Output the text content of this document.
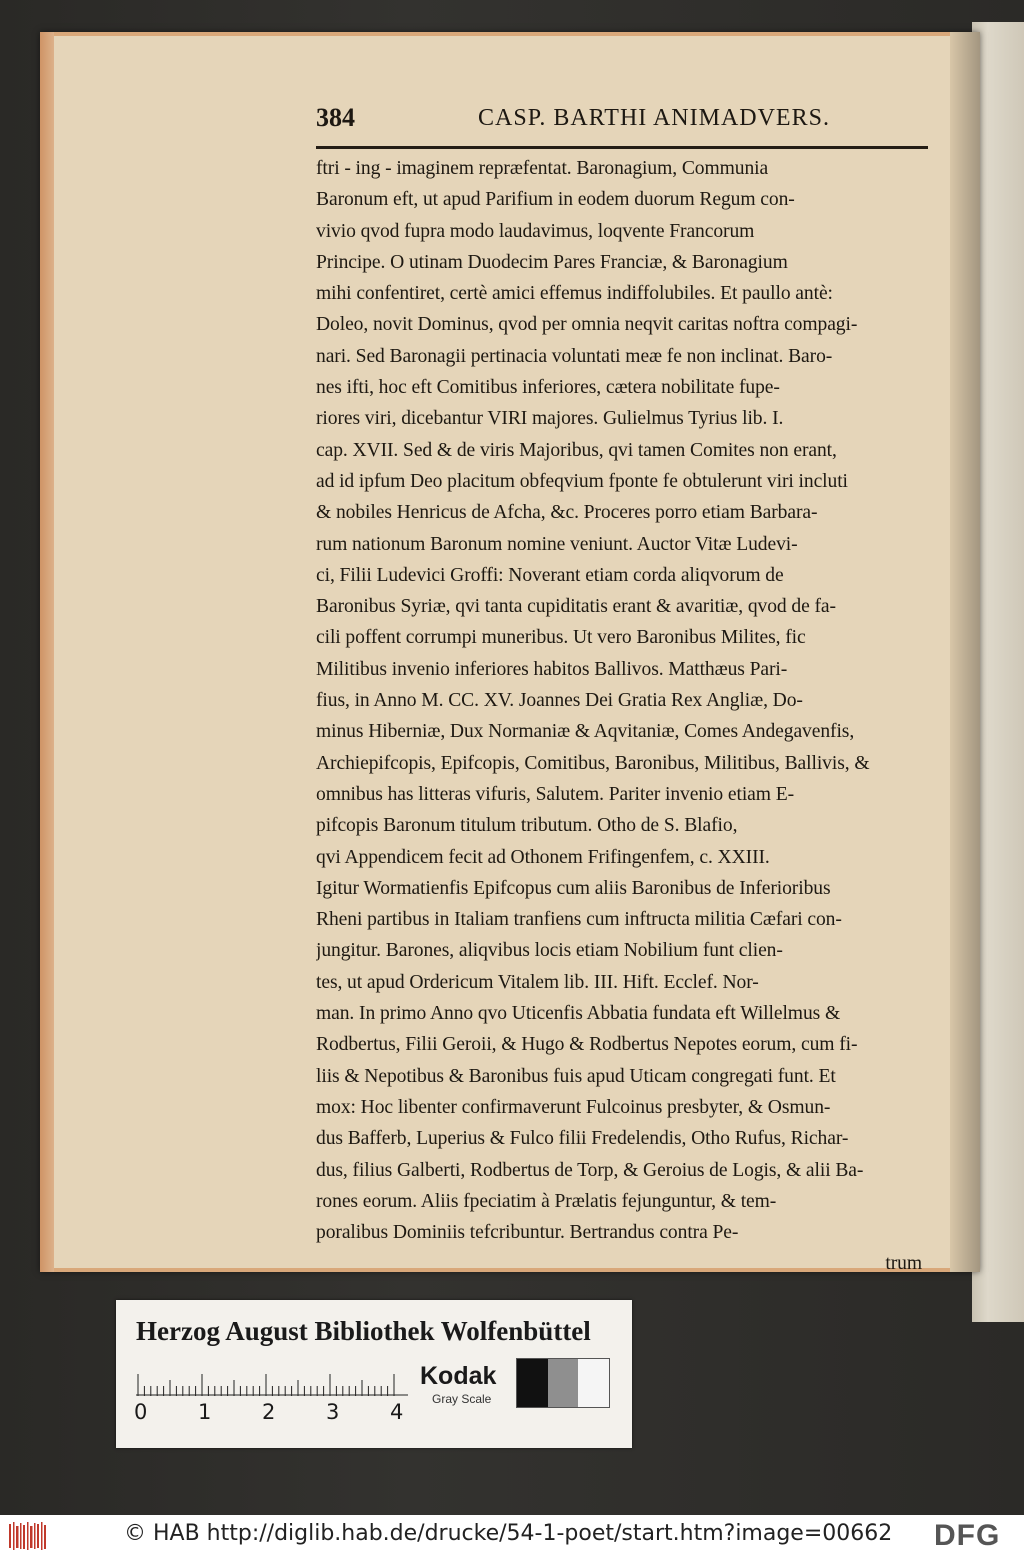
384	CASP. BARTHI ANIMADVERS.
ftri - ing - imaginem repræfentat. Baronagium, Communia
Baronum eft, ut apud Parifium in eodem duorum Regum con-
vivio qvod fupra modo laudavimus, loqvente Francorum
Principe. O utinam Duodecim Pares Franciæ, & Baronagium
mihi confentiret, certè amici effemus indiffolubiles. Et paullo antè:
Doleo, novit Dominus, qvod per omnia neqvit caritas noftra compagi-
nari. Sed Baronagii pertinacia voluntati meæ fe non inclinat. Baro-
nes ifti, hoc eft Comitibus inferiores, cætera nobilitate fupe-
riores viri, dicebantur VIRI majores. Gulielmus Tyrius lib. I.
cap. XVII. Sed & de viris Majoribus, qvi tamen Comites non erant,
ad id ipfum Deo placitum obfeqvium fponte fe obtulerunt viri incluti
& nobiles Henricus de Afcha, &c. Proceres porro etiam Barbara-
rum nationum Baronum nomine veniunt. Auctor Vitæ Ludevi-
ci, Filii Ludevici Groffi: Noverant etiam corda aliqvorum de
Baronibus Syriæ, qvi tanta cupiditatis erant & avaritiæ, qvod de fa-
cili poffent corrumpi muneribus. Ut vero Baronibus Milites, fic
Militibus invenio inferiores habitos Ballivos. Matthæus Pari-
fius, in Anno M. CC. XV. Joannes Dei Gratia Rex Angliæ, Do-
minus Hiberniæ, Dux Normaniæ & Aqvitaniæ, Comes Andegavenfis,
Archiepifcopis, Epifcopis, Comitibus, Baronibus, Militibus, Ballivis, &
omnibus has litteras vifuris, Salutem. Pariter invenio etiam E-
pifcopis Baronum titulum tributum. Otho de S. Blafio,
qvi Appendicem fecit ad Othonem Frifingenfem, c. XXIII.
Igitur Wormatienfis Epifcopus cum aliis Baronibus de Inferioribus
Rheni partibus in Italiam tranfiens cum inftructa militia Cæfari con-
jungitur. Barones, aliqvibus locis etiam Nobilium funt clien-
tes, ut apud Ordericum Vitalem lib. III. Hift. Ecclef. Nor-
man. In primo Anno qvo Uticenfis Abbatia fundata eft Willelmus &
Rodbertus, Filii Geroii, & Hugo & Rodbertus Nepotes eorum, cum fi-
liis & Nepotibus & Baronibus fuis apud Uticam congregati funt. Et
mox: Hoc libenter confirmaverunt Fulcoinus presbyter, & Osmun-
dus Bafferb, Luperius & Fulco filii Fredelendis, Otho Rufus, Richar-
dus, filius Galberti, Rodbertus de Torp, & Geroius de Logis, & alii Ba-
rones eorum. Aliis fpeciatim à Prælatis fejunguntur, & tem-
poralibus Dominiis tefcribuntur. Bertrandus contra Pe-
trum
Herzog August Bibliothek Wolfenbüttel
0 1 2 3 4
Kodak
Gray Scale
© HAB http://diglib.hab.de/drucke/54-1-poet/start.htm?image=00662 DFG
